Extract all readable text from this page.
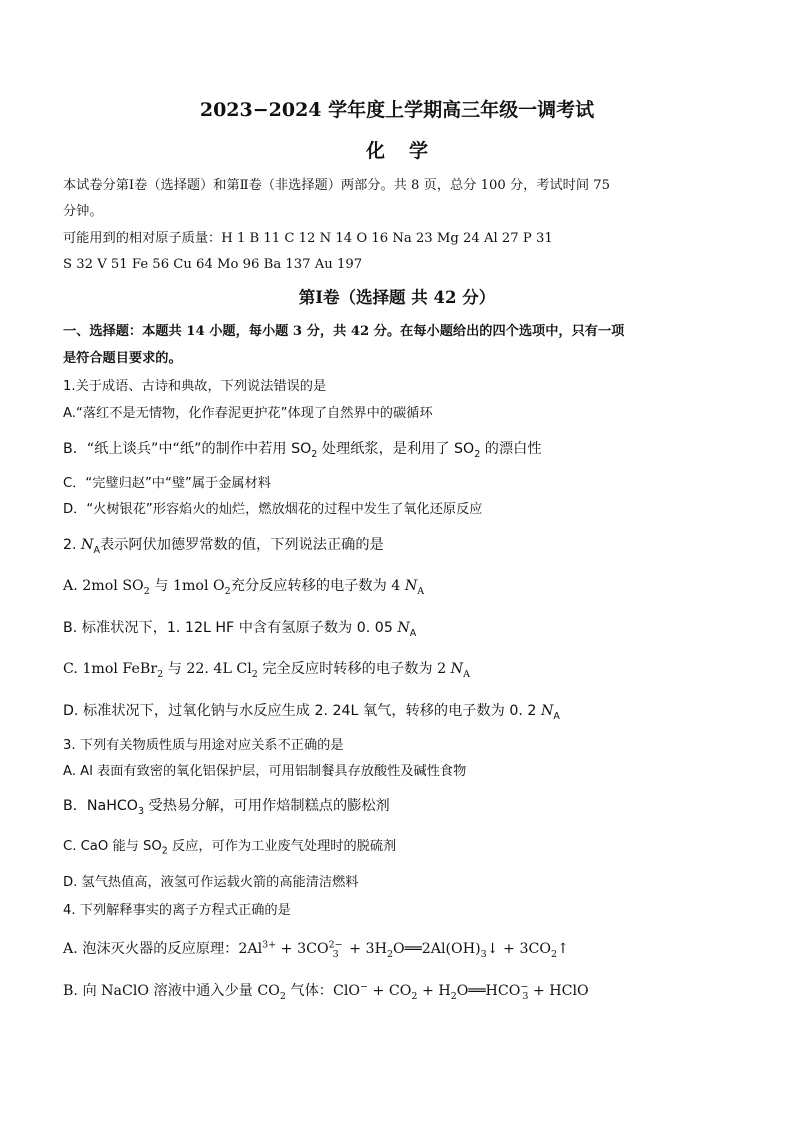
2023−2024 学年度上学期高三年级一调考试
化学
本试卷分第Ⅰ卷（选择题）和第Ⅱ卷（非选择题）两部分。共 8 页，总分 100 分，考试时间 75
分钟。
可能用到的相对原子质量：H 1 B 11 C 12 N 14 O 16 Na 23 Mg 24 Al 27 P 31
S 32 V 51 Fe 56 Cu 64 Mo 96 Ba 137 Au 197
第Ⅰ卷（选择题 共 42 分）
一、选择题：本题共 14 小题，每小题 3 分，共 42 分。在每小题给出的四个选项中，只有一项
是符合题目要求的。
1.关于成语、古诗和典故，下列说法错误的是
A.“落红不是无情物，化作春泥更护花”体现了自然界中的碳循环
B．“纸上谈兵”中“纸”的制作中若用 $SO_2$ 处理纸浆，是利用了 $SO_2$ 的漂白性
C．“完璧归赵”中“璧”属于金属材料
D．“火树银花”形容焰火的灿烂，燃放烟花的过程中发生了氧化还原反应
2. $N_A$表示阿伏加德罗常数的值，下列说法正确的是
A. 2mol $SO_2$ 与 1mol $O_2$充分反应转移的电子数为 4 $N_A$
B. 标准状况下，1. 12L HF 中含有氢原子数为 0. 05 $N_A$
C. 1mol FeBr$_2$ 与 22. 4L $Cl_2$ 完全反应时转移的电子数为 2 $N_A$
D. 标准状况下，过氧化钠与水反应生成 2. 24L 氧气，转移的电子数为 0. 2 $N_A$
3. 下列有关物质性质与用途对应关系不正确的是
A. Al 表面有致密的氧化铝保护层，可用铝制餐具存放酸性及碱性食物
B．NaHCO$_3$ 受热易分解，可用作焙制糕点的膨松剂
C. CaO 能与 $SO_2$ 反应，可作为工业废气处理时的脱硫剂
D. 氢气热值高，液氢可作运载火箭的高能清洁燃料
4. 下列解释事实的离子方程式正确的是
A. 泡沫灭火器的反应原理：$2Al^{3+} + 3CO^{2-}_3$ + $3H_2O══2Al(OH)_3↓$ + $3CO_2↑$
B. 向 NaClO 溶液中通入少量 $CO_2$ 气体：$ClO^- + CO_2$ + $H_2O══HCO^-_3$ + HClO
